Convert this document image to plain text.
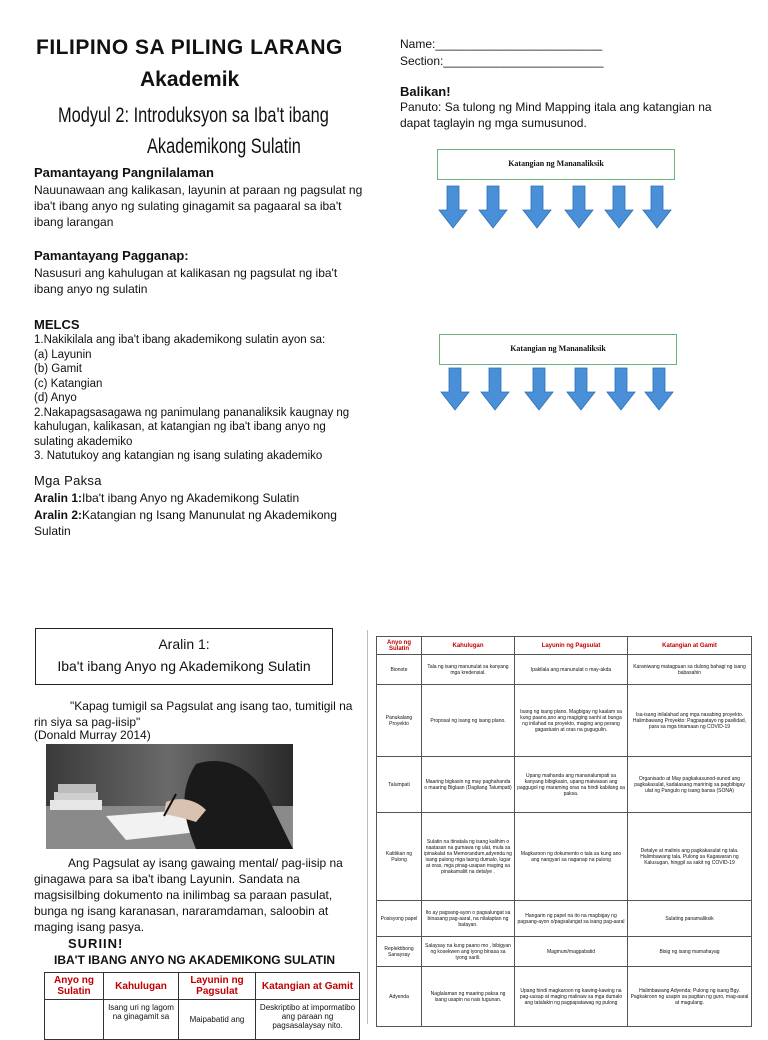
FILIPINO SA PILING LARANG
Akademik
Modyul 2: Introduksyon sa Iba't ibang
Akademikong Sulatin
Name:_________________________
Section:________________________
Pamantayang Pangnilalaman
Nauunawaan ang kalikasan, layunin at paraan ng pagsulat ng iba't ibang anyo ng sulating ginagamit sa pagaaral sa iba't ibang larangan
Pamantayang Pagganap:
Nasusuri ang kahulugan at kalikasan ng pagsulat ng iba't ibang anyo ng sulatin
MELCS
1.Nakikilala ang iba't ibang akademikong sulatin ayon sa:
(a) Layunin
(b) Gamit
(c) Katangian
(d) Anyo
2.Nakapagsasagawa ng panimulang pananaliksik kaugnay ng kahulugan, kalikasan, at katangian ng iba't ibang anyo ng sulating akademiko
3. Natutukoy ang katangian ng isang sulating akademiko
Mga Paksa
Aralin 1:Iba't ibang Anyo ng Akademikong Sulatin
Aralin 2:Katangian ng Isang Manunulat ng Akademikong Sulatin
Balikan!
Panuto: Sa tulong ng Mind Mapping itala ang katangian na dapat taglayin ng mga sumusunod.
Katangian ng Mananaliksik
Katangian ng Mananaliksik
Aralin 1:
Iba't ibang Anyo ng Akademikong Sulatin
"Kapag tumigil sa Pagsulat ang isang tao, tumitigil na rin siya sa pag-iisip"
(Donald Murray 2014)
Ang Pagsulat ay isang gawaing mental/ pag-iisip na ginagawa para sa iba't ibang Layunin. Sandata na magsisilbing dokumento na inilimbag sa paraan pasulat, bunga ng isang karanasan, nararamdaman, saloobin at maging isang pasya.
SURIIN!
IBA'T IBANG ANYO NG AKADEMIKONG SULATIN
Anyo ng Sulatin	Kahulugan	Layunin ng Pagsulat	Katangian at Gamit
	Isang uri ng lagom na ginagamit sa	Maipabatid ang	Deskriptibo at impormatibo ang paraan ng pagsasalaysay nito.
Anyo ng Sulatin	Kahulugan	Layunin ng Pagsulat	Katangian at Gamit
Bionote	Tala ng isang manunulat sa kanyang mga kredensial.	Ipakilala ang manunulat o may-akda	Karaniwang matagpuan sa dulong bahagi ng isang babasahin
Panukalang Proyekto	Proposal ng isang ng isang plano.	Isang ng isang plano. Magbigay ng kaalam sa kung paano,ano ang magiging sanhi at bunga ng inilahad na proyekto, maging ang perang gagastusin at oras na gugugulin.	Isa-isang inilalahad ang mga nasabing proyekto. Halimbawang Proyekto: Pagpapatayo ng pasilidad, para sa mga tinamaan ng COVID-19
Talumpati	Maaring bigkasin ng may paghahanda o maaring Biglaan (Dagliang Talumpati)	Upang maihanda ang mananalumpati sa kanyang bibigkasin, upang maiwasan ang paggugol ng maraming oras na hindi kabilang sa paksa.	Organisado at May pagkakasunod-sunod ang pagkakasulat, kadalasang maririnig sa pagbibigay ulat ng Pangulo ng isang bansa (SONA)
Katitikan ng Pulong	Sulatin na itinatala ng isang kalihim o naatasan na gumawa ng ulat, mula sa ipinakalat na Memorandum,adyenda ng isang pulong mga taong dumalo, lugar at oras, mga pinag-usapan maging sa pinakamaliit na detalye .	Magkaroon ng dokumento o tala sa kung ano ang nangyari sa naganap na pulong	Detalye at malinis ang pagkakasulat ng tala. Halimbawang tala. Pulong sa Kagawaran ng Kalusugan, hinggil sa sakit ng COVID-19
Posisyong papel	Ito ay pagsang-ayon o pagsalungat sa binasang pag-aaral, na nilalaptan ng batayan.	Hangarin ng papel na ito na magbigay ng pagsang-ayon o/pagsalungat sa isang pag-aaral	Sulating panamaliksik
Replektibong Sanaysay	Salaysay na kung paano mo , bibigyan ng kosekwen ang iyong binasa sa iyong sarili.	Magmuni/magpabatid	Bisig ng isang mamahayag
Adyenda	Naglalaman ng maaring paksa ng isang usapin na nais tugunan.	Upang hindi magkaroon ng kawing-kawing na pag-uusap at maging malinaw sa mga dumalo ang tatalakin ng pagpapatawag ng pulong	Halimbawang Adyenda; Pulong ng isang Bgy. Pagkakroon ng usapin sa pagitan ng guro, mag-aaral at magulang.
